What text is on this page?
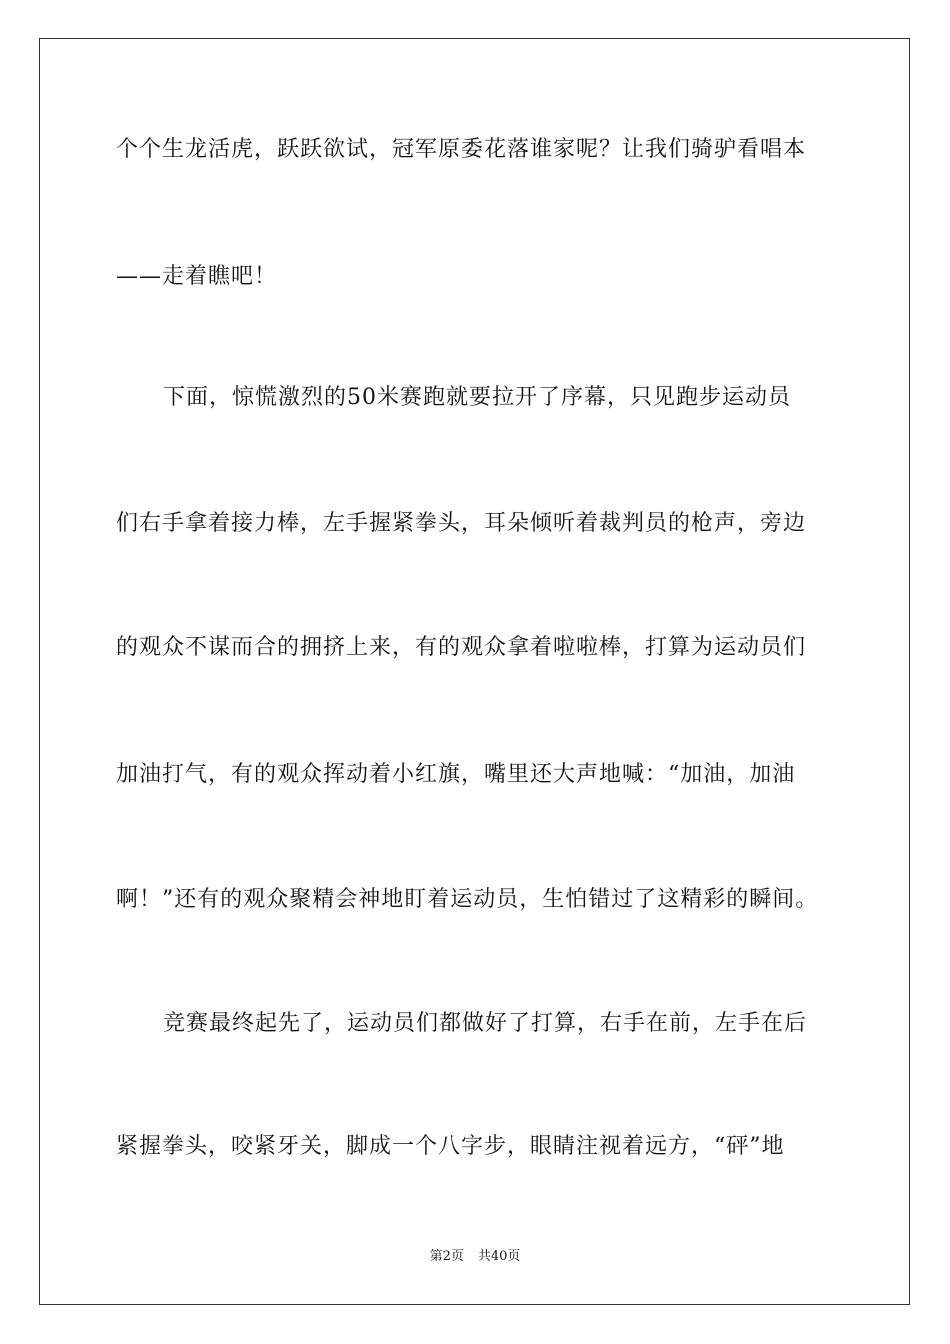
个个生龙活虎，跃跃欲试，冠军原委花落谁家呢？让我们骑驴看唱本
——走着瞧吧！
下面，惊慌激烈的50米赛跑就要拉开了序幕，只见跑步运动员
们右手拿着接力棒，左手握紧拳头，耳朵倾听着裁判员的枪声，旁边
的观众不谋而合的拥挤上来，有的观众拿着啦啦棒，打算为运动员们
加油打气，有的观众挥动着小红旗，嘴里还大声地喊：“加油，加油
啊！”还有的观众聚精会神地盯着运动员，生怕错过了这精彩的瞬间。
竞赛最终起先了，运动员们都做好了打算，右手在前，左手在后
紧握拳头，咬紧牙关，脚成一个八字步，眼睛注视着远方，“砰”地
第2页 共40页
